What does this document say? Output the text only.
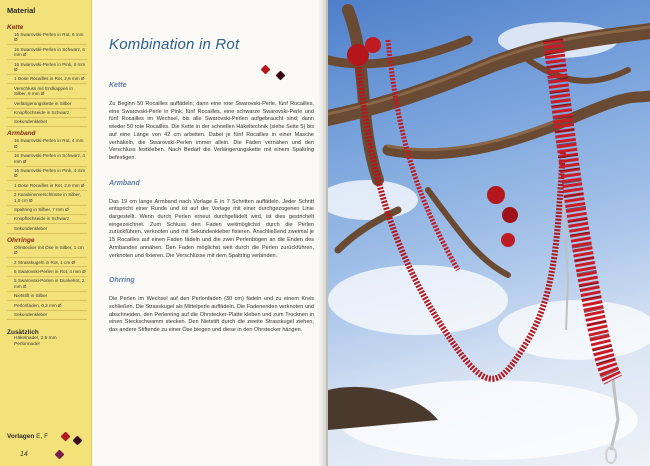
Material
Kette
16 Swarovski-Perlen in Rot, 6 mm Ø
16 Swarovski-Perlen in Schwarz, 6 mm Ø
16 Swarovski-Perlen in Pink, 6 mm Ø
1 Dose Rocailles in Rot, 2,6 mm Ø
Verschluss mit Endkappen in Silber, 8 mm Ø
Verlängerungskette in Silber
Knopflochseide in Schwarz
Sekundenkleber
Armband
16 Swarovski-Perlen in Rot, 4 mm Ø
16 Swarovski-Perlen in Schwarz, 4 mm Ø
16 Swarovski-Perlen in Pink, 4 mm Ø
1 Dose Rocailles in Rot, 2,6 mm Ø
2 Karabinerverschlüsse in Silber, 1,5 cm Ø
Spaltring in Silber, 7 mm Ø
Knopflochseide in Schwarz
Sekundenkleber
Ohrringe
Ohrstecker mit Öse in Silber, 1 cm Ø
2 Strasskugeln in Rot, 1 cm Ø
5 Swarovski-Perlen in Rot, 4 mm Ø
5 Swarovski-Perlen in Dunkelrot, 2 mm Ø
Nietstift in Silber
Perlonfaden, 0,3 mm Ø
Sekundenkleber
Zusätzlich
Häkelnadel, 2,5 mm
Perlonnadel
Vorlagen E, F
14
Kombination in Rot
Kette
Zu Beginn 50 Rocailles auffädeln; dann eine rote Swarovski-Perle, fünf Rocailles, eine Swarovski-Perle in Pink, fünf Rocailles, eine schwarze Swarovski-Perle und fünf Rocailles im Wechsel, bis alle Swarovski-Perlen aufgebraucht sind; dann wieder 50 rote Rocailles. Die Kette in der schnellen Häkeltechnik (siehe Seite 5) bis auf eine Länge von 42 cm arbeiten. Dabei je fünf Rocailles in einer Masche verhäkeln, die Swarovski-Perlen immer allein. Die Fäden vernähen und den Verschluss festkleben. Nach Bedarf die Verlängerungskette mit einem Spaltring befestigen.
Armband
Das 19 cm lange Armband nach Vorlage E in 7 Schritten auffädeln. Jeder Schritt entspricht einer Runde und ist auf der Vorlage mit einer durchgezogenen Linie dargestellt. Wenn durch Perlen erneut durchgefädelt wird, ist dies gestrichelt eingezeichnet. Zum Schluss den Faden weitmöglichst durch die Perlen zurückführen, verknoten und mit Sekundenkleber fixieren. Anschließend zweimal je 15 Rocailles auf einen Faden fädeln und die zwei Perlenbögen an die Enden des Armbandes annähen. Den Faden möglichst weit durch die Perlen zurückführen, verknoten und fixieren. Die Verschlüsse mit dem Spaltring verbinden.
Ohrring
Die Perlen im Wechsel auf den Perlonfaden (30 cm) fädeln und zu einem Kreis schließen. Die Strasskugel als Mittelperle auffädeln. Die Fadenenden verknoten und abschneiden, den Perlenring auf die Ohrstecker-Platte kleben und zum Trocknen in einen Steckschwamm stecken. Den Nietstift durch die zweite Strasskugel ziehen, das andere Stiftende zu einer Öse biegen und diese in den Ohrstecker hängen.
